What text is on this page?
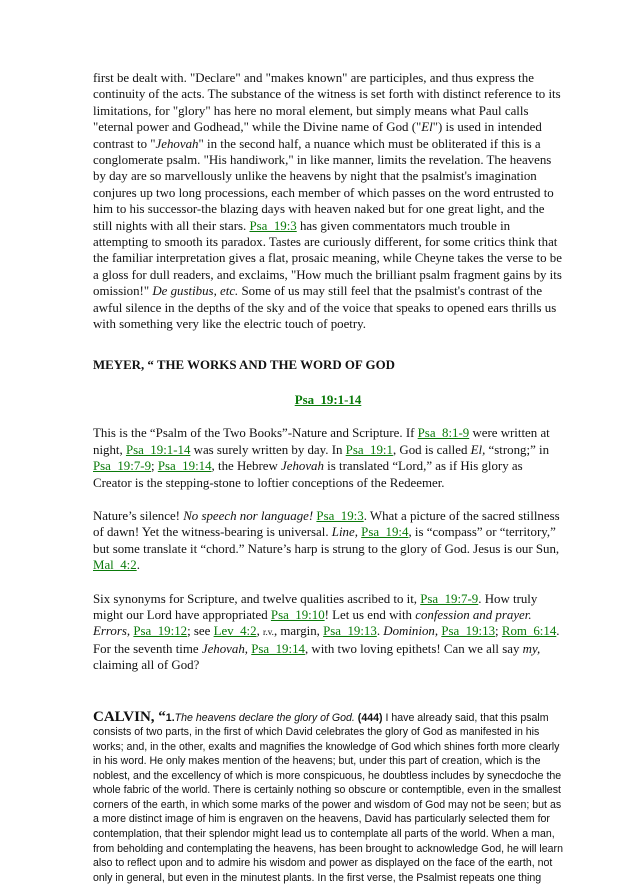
first be dealt with. "Declare" and "makes known" are participles, and thus express the continuity of the acts. The substance of the witness is set forth with distinct reference to its limitations, for "glory" has here no moral element, but simply means what Paul calls "eternal power and Godhead," while the Divine name of God ("El") is used in intended contrast to "Jehovah" in the second half, a nuance which must be obliterated if this is a conglomerate psalm. "His handiwork," in like manner, limits the revelation. The heavens by day are so marvellously unlike the heavens by night that the psalmist's imagination conjures up two long processions, each member of which passes on the word entrusted to him to his successor-the blazing days with heaven naked but for one great light, and the still nights with all their stars. Psa_19:3 has given commentators much trouble in attempting to smooth its paradox. Tastes are curiously different, for some critics think that the familiar interpretation gives a flat, prosaic meaning, while Cheyne takes the verse to be a gloss for dull readers, and exclaims, "How much the brilliant psalm fragment gains by its omission!" De gustibus, etc. Some of us may still feel that the psalmist's contrast of the awful silence in the depths of the sky and of the voice that speaks to opened ears thrills us with something very like the electric touch of poetry.

MEYER, “ THE WORKS AND THE WORD OF GOD

Psa_19:1-14

This is the “Psalm of the Two Books”-Nature and Scripture. If Psa_8:1-9 were written at night, Psa_19:1-14 was surely written by day. In Psa_19:1, God is called El, “strong;” in Psa_19:7-9; Psa_19:14, the Hebrew Jehovah is translated “Lord,” as if His glory as Creator is the stepping-stone to loftier conceptions of the Redeemer.

Nature’s silence! No speech nor language! Psa_19:3. What a picture of the sacred stillness of dawn! Yet the witness-bearing is universal. Line, Psa_19:4, is “compass” or “territory,” but some translate it “chord.” Nature’s harp is strung to the glory of God. Jesus is our Sun, Mal_4:2.

Six synonyms for Scripture, and twelve qualities ascribed to it, Psa_19:7-9. How truly might our Lord have appropriated Psa_19:10! Let us end with confession and prayer. Errors, Psa_19:12; see Lev_4:2, r.v., margin, Psa_19:13. Dominion, Psa_19:13; Rom_6:14. For the seventh time Jehovah, Psa_19:14, with two loving epithets! Can we all say my, claiming all of God?

CALVIN, “1.The heavens declare the glory of God. (444) I have already said, that this psalm consists of two parts, in the first of which David celebrates the glory of God as manifested in his works; and, in the other, exalts and magnifies the knowledge of God which shines forth more clearly in his word. He only makes mention of the heavens; but, under this part of creation, which is the noblest, and the excellency of which is more conspicuous, he doubtless includes by synecdoche the whole fabric of the world. There is certainly nothing so obscure or contemptible, even in the smallest corners of the earth, in which some marks of the power and wisdom of God may not be seen; but as a more distinct image of him is engraven on the heavens, David has particularly selected them for contemplation, that their splendor might lead us to contemplate all parts of the world. When a man, from beholding and contemplating the heavens, has been brought to acknowledge God, he will learn also to reflect upon and to admire his wisdom and power as displayed on the face of the earth, not only in general, but even in the minutest plants. In the first verse, the Psalmist repeats one thing
